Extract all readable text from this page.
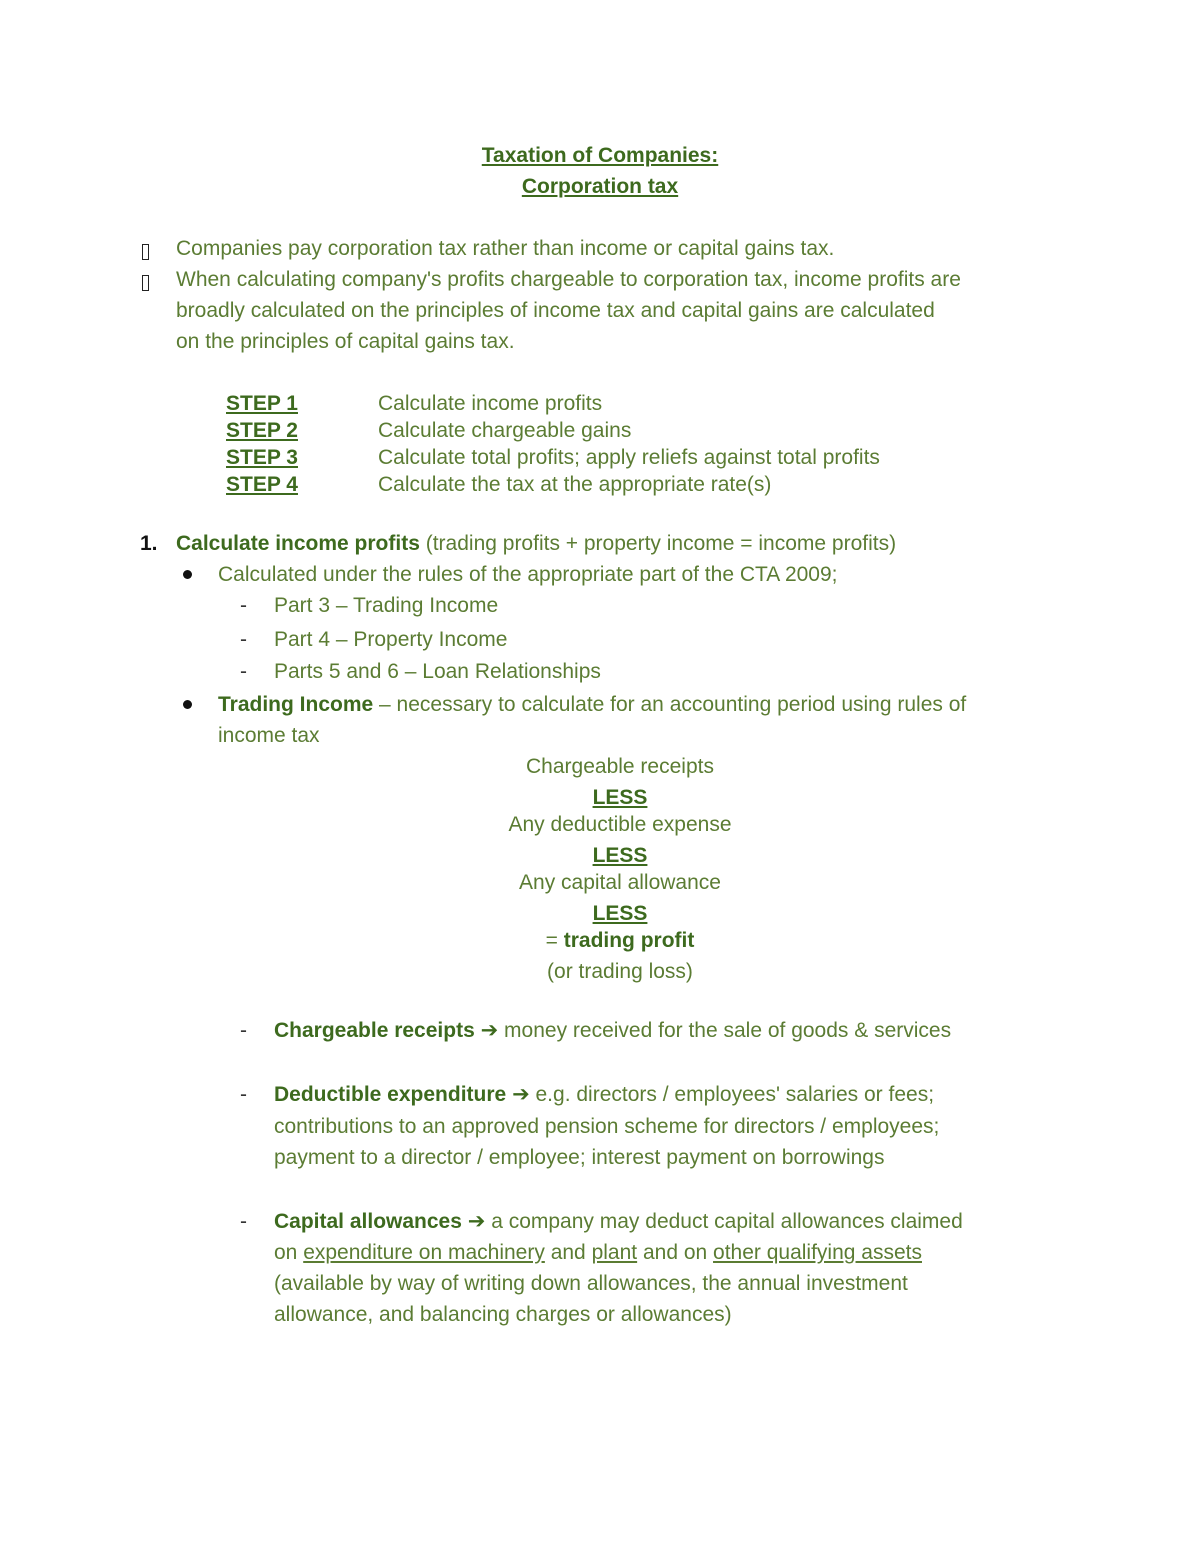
Taxation of Companies:
Corporation tax
Companies pay corporation tax rather than income or capital gains tax.
When calculating company's profits chargeable to corporation tax, income profits are
broadly calculated on the principles of income tax and capital gains are calculated
on the principles of capital gains tax.
STEP 1	Calculate income profits
STEP 2	Calculate chargeable gains
STEP 3	Calculate total profits; apply reliefs against total profits
STEP 4	Calculate the tax at the appropriate rate(s)
1. Calculate income profits (trading profits + property income = income profits)
Calculated under the rules of the appropriate part of the CTA 2009;
- Part 3 – Trading Income
- Part 4 – Property Income
- Parts 5 and 6 – Loan Relationships
Trading Income – necessary to calculate for an accounting period using rules of
income tax
Chargeable receipts
LESS
Any deductible expense
LESS
Any capital allowance
LESS
= trading profit
(or trading loss)
- Chargeable receipts ➔ money received for the sale of goods & services
- Deductible expenditure ➔ e.g. directors / employees' salaries or fees;
contributions to an approved pension scheme for directors / employees;
payment to a director / employee; interest payment on borrowings
- Capital allowances ➔ a company may deduct capital allowances claimed
on expenditure on machinery and plant and on other qualifying assets
(available by way of writing down allowances, the annual investment
allowance, and balancing charges or allowances)
